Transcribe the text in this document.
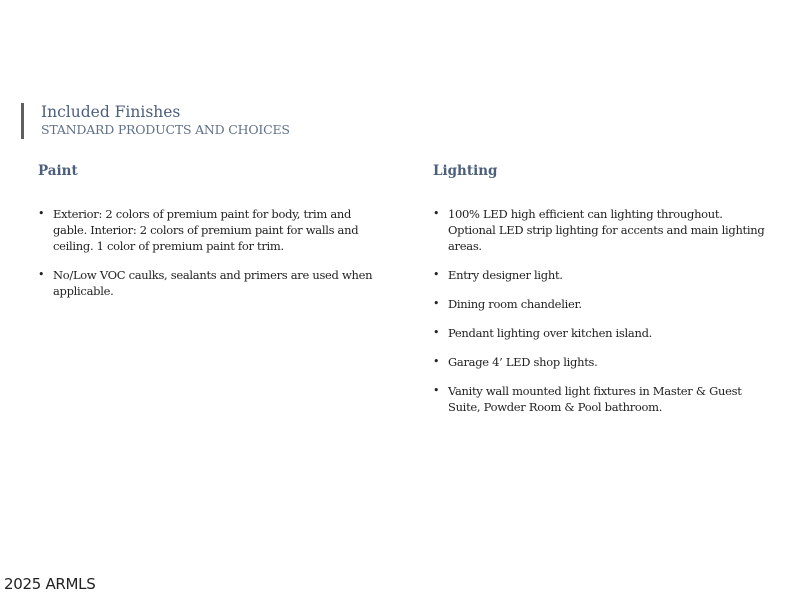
Included Finishes
STANDARD PRODUCTS AND CHOICES
Paint
• Exterior: 2 colors of premium paint for body, trim and gable. Interior: 2 colors of premium paint for walls and ceiling. 1 color of premium paint for trim.
• No/Low VOC caulks, sealants and primers are used when applicable.
Lighting
• 100% LED high efficient can lighting throughout. Optional LED strip lighting for accents and main lighting areas.
• Entry designer light.
• Dining room chandelier.
• Pendant lighting over kitchen island.
• Garage 4’ LED shop lights.
• Vanity wall mounted light fixtures in Master & Guest Suite, Powder Room & Pool bathroom.
2025 ARMLS
